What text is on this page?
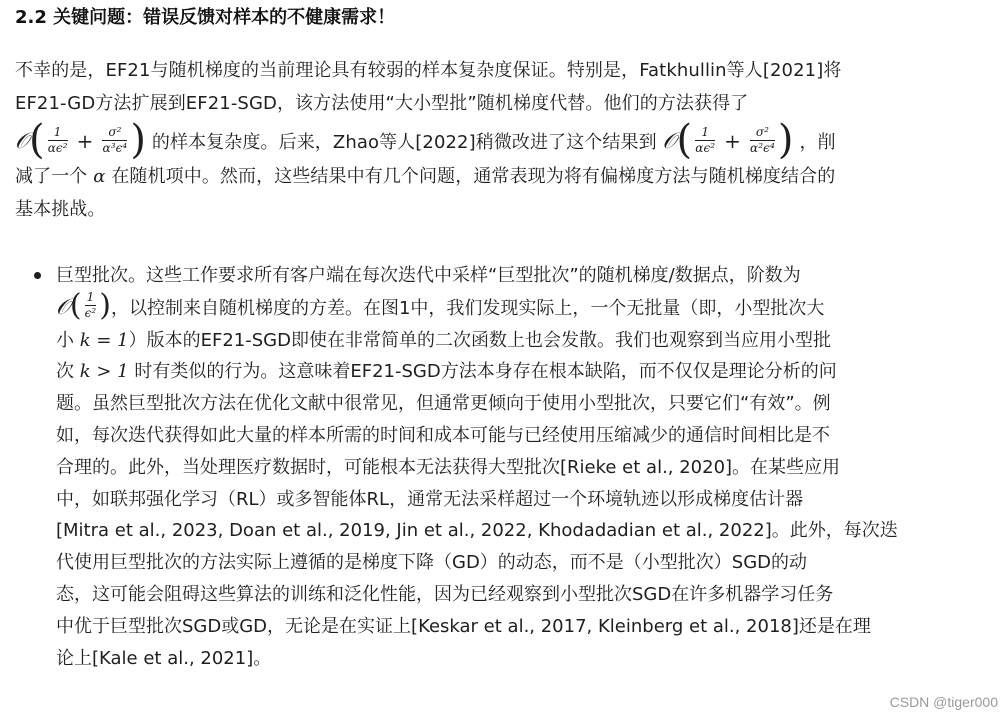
2.2 关键问题：错误反馈对样本的不健康需求！
不幸的是，EF21与随机梯度的当前理论具有较弱的样本复杂度保证。特别是，Fatkhullin等人[2021]将
EF21-GD方法扩展到EF21-SGD，该方法使用“大小型批”随机梯度代替。他们的方法获得了
𝒪( $\frac{1}{\text{αϵ²}} + \frac{\text{σ²}}{\text{α³ϵ⁴}}$ ) 的样本复杂度。后来，Zhao等人[2022]稍微改进了这个结果到 𝒪( $\frac{1}{\text{αϵ²}} + \frac{\text{σ²}}{\text{α²ϵ⁴}}$ ) ，削
减了一个 α 在随机项中。然而，这些结果中有几个问题，通常表现为将有偏梯度方法与随机梯度结合的
基本挑战。
巨型批次。这些工作要求所有客户端在每次迭代中采样“巨型批次”的随机梯度/数据点，阶数为
𝒪( $\frac{1}{\text{ϵ²}}$ )，以控制来自随机梯度的方差。在图1中，我们发现实际上，一个无批量（即，小型批次大
小 k = 1）版本的EF21-SGD即使在非常简单的二次函数上也会发散。我们也观察到当应用小型批
次 k > 1 时有类似的行为。这意味着EF21-SGD方法本身存在根本缺陷，而不仅仅是理论分析的问
题。虽然巨型批次方法在优化文献中很常见，但通常更倾向于使用小型批次，只要它们“有效”。例
如，每次迭代获得如此大量的样本所需的时间和成本可能与已经使用压缩减少的通信时间相比是不
合理的。此外，当处理医疗数据时，可能根本无法获得大型批次[Rieke et al., 2020]。在某些应用
中，如联邦强化学习（RL）或多智能体RL，通常无法采样超过一个环境轨迹以形成梯度估计器
[Mitra et al., 2023, Doan et al., 2019, Jin et al., 2022, Khodadadian et al., 2022]。此外，每次迭
代使用巨型批次的方法实际上遵循的是梯度下降（GD）的动态，而不是（小型批次）SGD的动
态，这可能会阻碍这些算法的训练和泛化性能，因为已经观察到小型批次SGD在许多机器学习任务
中优于巨型批次SGD或GD，无论是在实证上[Keskar et al., 2017, Kleinberg et al., 2018]还是在理
论上[Kale et al., 2021]。
CSDN @tiger000
